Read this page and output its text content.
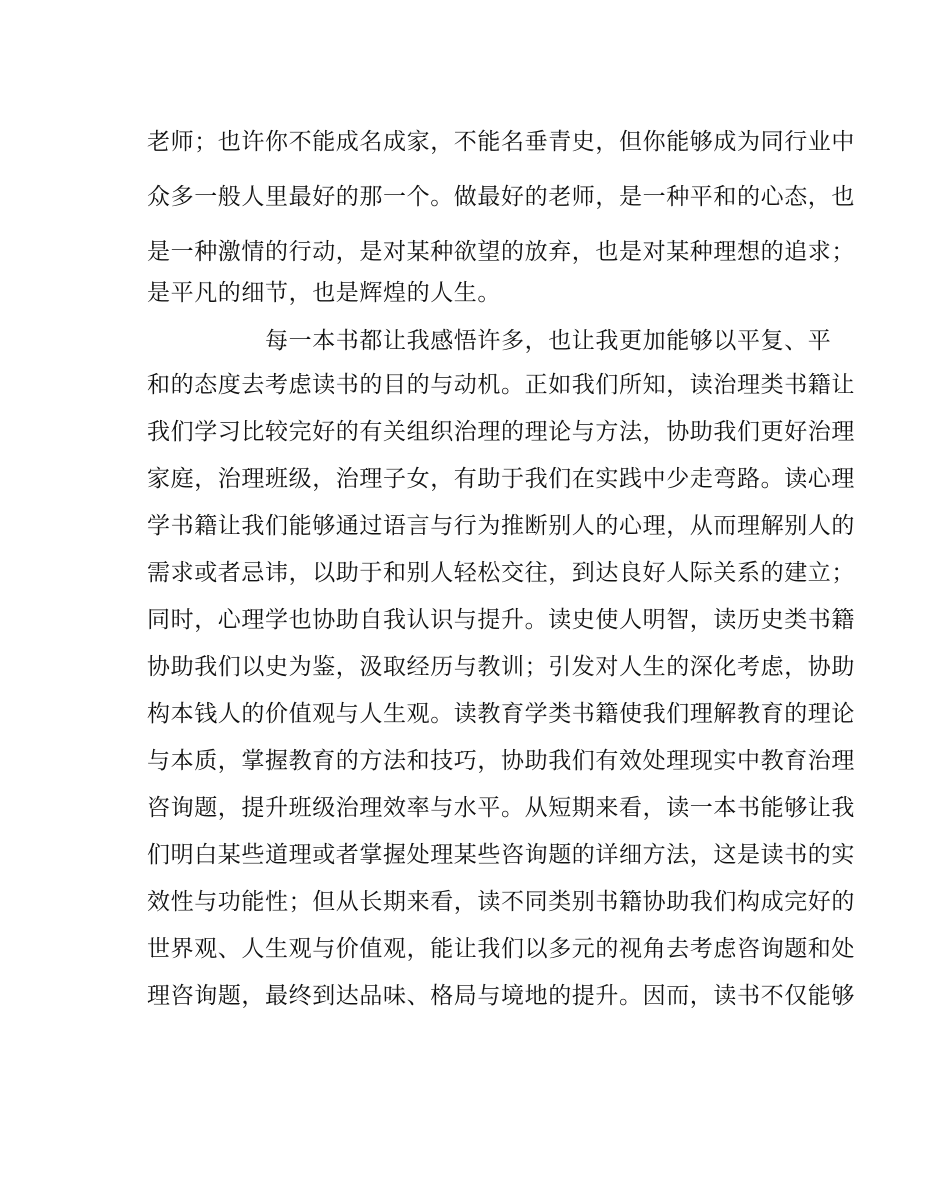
老师；也许你不能成名成家，不能名垂青史，但你能够成为同行业中
众多一般人里最好的那一个。做最好的老师，是一种平和的心态，也
是一种激情的行动，是对某种欲望的放弃，也是对某种理想的追求；
是平凡的细节，也是辉煌的人生。
每一本书都让我感悟许多，也让我更加能够以平复、平
和的态度去考虑读书的目的与动机。正如我们所知，读治理类书籍让
我们学习比较完好的有关组织治理的理论与方法，协助我们更好治理
家庭，治理班级，治理子女，有助于我们在实践中少走弯路。读心理
学书籍让我们能够通过语言与行为推断别人的心理，从而理解别人的
需求或者忌讳，以助于和别人轻松交往，到达良好人际关系的建立；
同时，心理学也协助自我认识与提升。读史使人明智，读历史类书籍
协助我们以史为鉴，汲取经历与教训；引发对人生的深化考虑，协助
构本钱人的价值观与人生观。读教育学类书籍使我们理解教育的理论
与本质，掌握教育的方法和技巧，协助我们有效处理现实中教育治理
咨询题，提升班级治理效率与水平。从短期来看，读一本书能够让我
们明白某些道理或者掌握处理某些咨询题的详细方法，这是读书的实
效性与功能性；但从长期来看，读不同类别书籍协助我们构成完好的
世界观、人生观与价值观，能让我们以多元的视角去考虑咨询题和处
理咨询题，最终到达品味、格局与境地的提升。因而，读书不仅能够
